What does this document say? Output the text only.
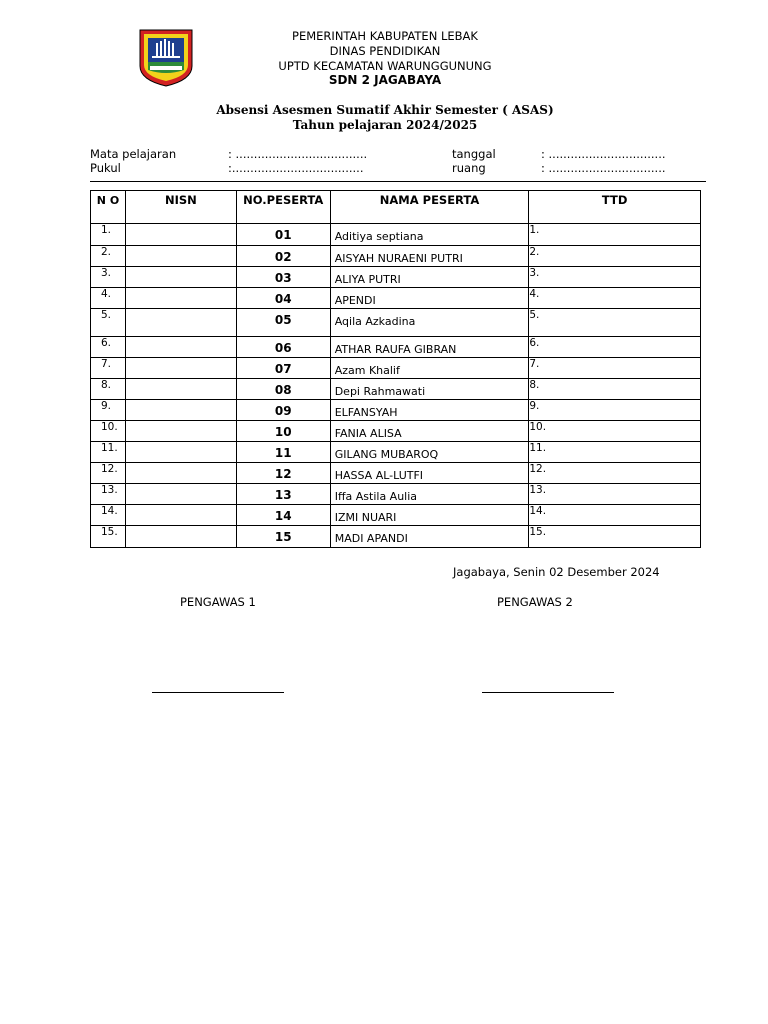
PEMERINTAH KABUPATEN LEBAK
DINAS PENDIDIKAN
UPTD KECAMATAN WARUNGGUNUNG
SDN 2 JAGABAYA
Absensi Asesmen Sumatif Akhir Semester ( ASAS)
Tahun pelajaran 2024/2025
Mata pelajaran	: ....................................
Pukul	:....................................
tanggal	: ................................
ruang	: ................................
N O	NISN	NO.PESERTA	NAMA PESERTA	TTD
1.		01	Aditiya septiana	1.
2.		02	AISYAH NURAENI PUTRI	2.
3.		03	ALIYA PUTRI	3.
4.		04	APENDI	4.
5.		05	Aqila Azkadina	5.
6.		06	ATHAR RAUFA GIBRAN	6.
7.		07	Azam Khalif	7.
8.		08	Depi Rahmawati	8.
9.		09	ELFANSYAH	9.
10.		10	FANIA ALISA	10.
11.		11	GILANG MUBAROQ	11.
12.		12	HASSA AL-LUTFI	12.
13.		13	Iffa Astila Aulia	13.
14.		14	IZMI NUARI	14.
15.		15	MADI APANDI	15.
Jagabaya, Senin 02 Desember 2024
PENGAWAS 1	PENGAWAS 2
